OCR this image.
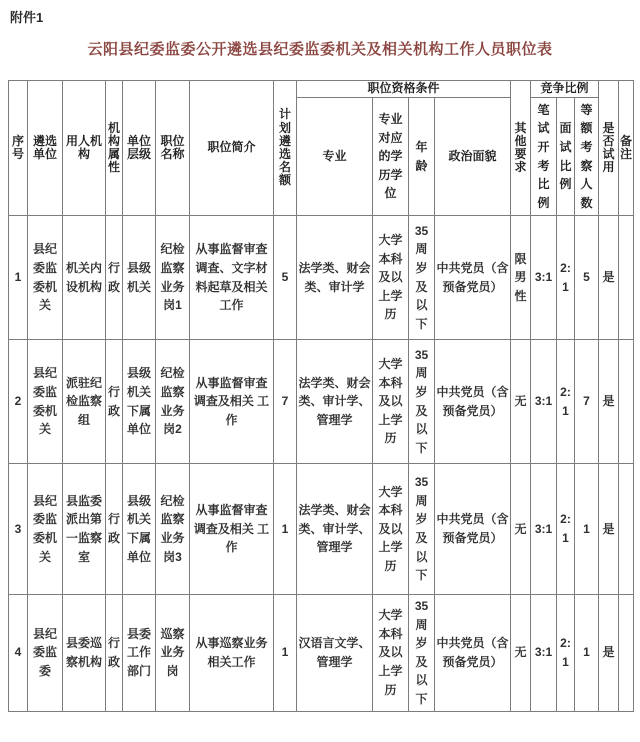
附件1
云阳县纪委监委公开遴选县纪委监委机关及相关机构工作人员职位表
序号	遴选单位	用人机构	机构属性	单位层级	职位名称	职位简介	计划遴选名额	职位资格条件				其他要求	竞争比例			是否试用	备注
								专业	专业对应的学历学位	年龄	政治面貌		笔试开考比例	面试比例	等额考察人数		
1	县纪委监委机关	机关内设机构	行政	县级机关	纪检监察业务岗1	从事监督审查调查、文字材料起草及相关工作	5	法学类、财会类、审计学	大学本科及以上学历	35周岁及以下	中共党员（含预备党员）	限男性	3:1	2:1	5	是	
2	县纪委监委机关	派驻纪检监察组	行政	县级机关下属单位	纪检监察业务岗2	从事监督审查调查及相关 工作	7	法学类、财会类、审计学、管理学	大学本科及以上学历	35周岁及以下	中共党员（含预备党员）	无	3:1	2:1	7	是	
3	县纪委监委机关	县监委派出第一监察室	行政	县级机关下属单位	纪检监察业务岗3	从事监督审查调查及相关 工作	1	法学类、财会类、审计学、管理学	大学本科及以上学历	35周岁及以下	中共党员（含预备党员）	无	3:1	2:1	1	是	
4	县纪委监委	县委巡察机构	行政	县委工作部门	巡察业务岗	从事巡察业务相关工作	1	汉语言文学、管理学	大学本科及以上学历	35周岁及以下	中共党员（含预备党员）	无	3:1	2:1	1	是	
